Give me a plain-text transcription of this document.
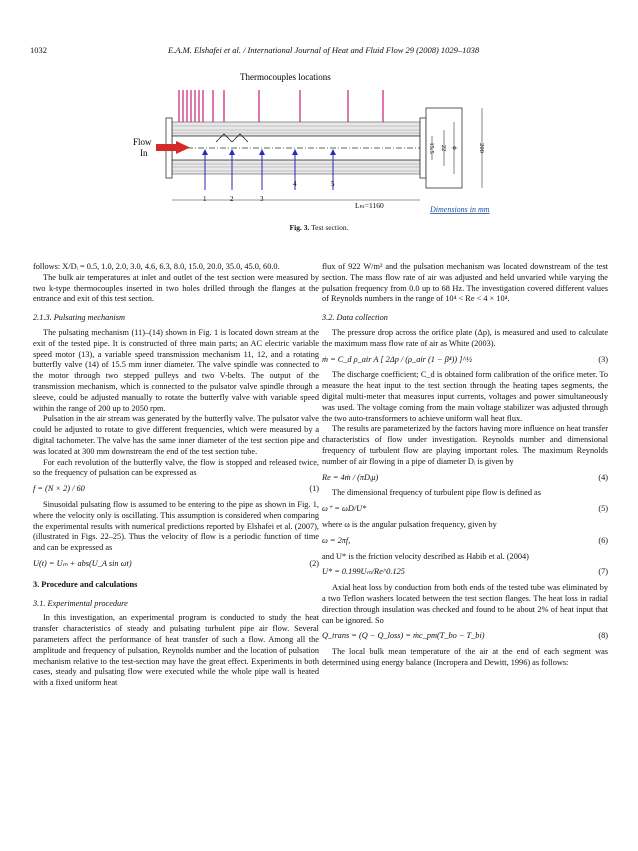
1032	E.A.M. Elshafei et al. / International Journal of Heat and Fluid Flow 29 (2008) 1029–1038
Thermocouples locations
Flow
In
1	2	3
4	5
Lₕₜ=1160
15.5 22 ϕ	200
Dimensions in mm
Fig. 3. Test section.

follows: X/Dᵢ = 0.5, 1.0, 2.0, 3.0, 4.6, 6.3, 8.0, 15.0, 20.0, 35.0, 45.0, 60.0.

The bulk air temperatures at inlet and outlet of the test section were measured by two k-type thermocouples inserted in two holes drilled through the flanges at the entrance and exit of this test section.

2.1.3. Pulsating mechanism

The pulsating mechanism (11)–(14) shown in Fig. 1 is located down stream at the exit of the tested pipe. It is constructed of three main parts; an AC electric variable speed motor (13), a variable speed transmission mechanism 11, 12, and a rotating butterfly valve (14) of 15.5 mm inner diameter. The valve spindle was connected to the motor through two stepped pulleys and two V-belts. The output of the transmission mechanism, which is connected to the pulsator valve spindle through a sleeve, could be adjusted manually to rotate the butterfly valve with variable speed within the range of 200 up to 2050 rpm.

Pulsation in the air stream was generated by the butterfly valve. The pulsator valve could be adjusted to rotate to give different frequencies, which were measured by a digital tachometer. The valve has the same inner diameter of the test section pipe and was located at 300 mm downstream the end of the test section tube.

For each revolution of the butterfly valve, the flow is stopped and released twice, so the frequency of pulsation can be expressed as

f = (N × 2) / 60	(1)

Sinusoidal pulsating flow is assumed to be entering to the pipe as shown in Fig. 1, where the velocity only is oscillating. This assumption is considered when comparing the experimental results with numerical predictions reported by Elshafei et al. (2007), (illustrated in Figs. 22–25). Thus the velocity of flow is a periodic function of time and can be expressed as

U(t) = Uₘ + abs(U_A sin ωt)	(2)

3. Procedure and calculations

3.1. Experimental procedure

In this investigation, an experimental program is conducted to study the heat transfer characteristics of steady and pulsating turbulent pipe air flow. Several parameters affect the performance of heat transfer of such a flow. Among all the amplitude and frequency of pulsation, Reynolds number and the location of pulsation mechanism relative to the test-section may have the great effect. Experiments in both cases, steady and pulsating flow were executed while the whole pipe wall is heated with a fixed uniform heat

flux of 922 W/m² and the pulsation mechanism was located downstream of the test section. The mass flow rate of air was adjusted and held unvaried while varying the pulsation frequency from 0.0 up to 68 Hz. The investigation covered different values of Reynolds numbers in the range of 10⁴ < Re < 4 × 10⁴.

3.2. Data collection

The pressure drop across the orifice plate (Δp), is measured and used to calculate the maximum mass flow rate of air as White (2003).

ṁ = C_d ρ_air A [ 2Δp / (ρ_air (1 − β⁴)) ]^½	(3)

The discharge coefficient; C_d is obtained form calibration of the orifice meter. To measure the heat input to the test section through the heating tapes segments, the digital multi-meter that measures input currents, voltages and power simultaneously was used. The voltage coming from the main voltage stabilizer was adjusted through the two auto-transformers to achieve uniform wall heat flux.

The results are parameterized by the factors having more influence on heat transfer characteristics of flow under investigation. Reynolds number and dimensional frequency of turbulent flow are playing important roles. The maximum Reynolds number of air flowing in a pipe of diameter Dᵢ is given by

Re = 4ṁ / (πDᵢμ)	(4)

The dimensional frequency of turbulent pipe flow is defined as

ω⁺ = ωD/U*	(5)

where ω is the angular pulsation frequency, given by

ω = 2πf,	(6)

and U* is the friction velocity described as Habib et al. (2004)

U* = 0.199Uₘ/Re^0.125	(7)

Axial heat loss by conduction from both ends of the tested tube was eliminated by a two Teflon washers located between the test section flanges. The heat loss in radial direction through insulation was checked and found to be about 2% of heat input that can be ignored. So

Q_trans = (Q − Q_loss) = ṁc_pm(T_bo − T_bi)	(8)

The local bulk mean temperature of the air at the end of each segment was determined using energy balance (Incropera and Dewitt, 1996) as follows:
